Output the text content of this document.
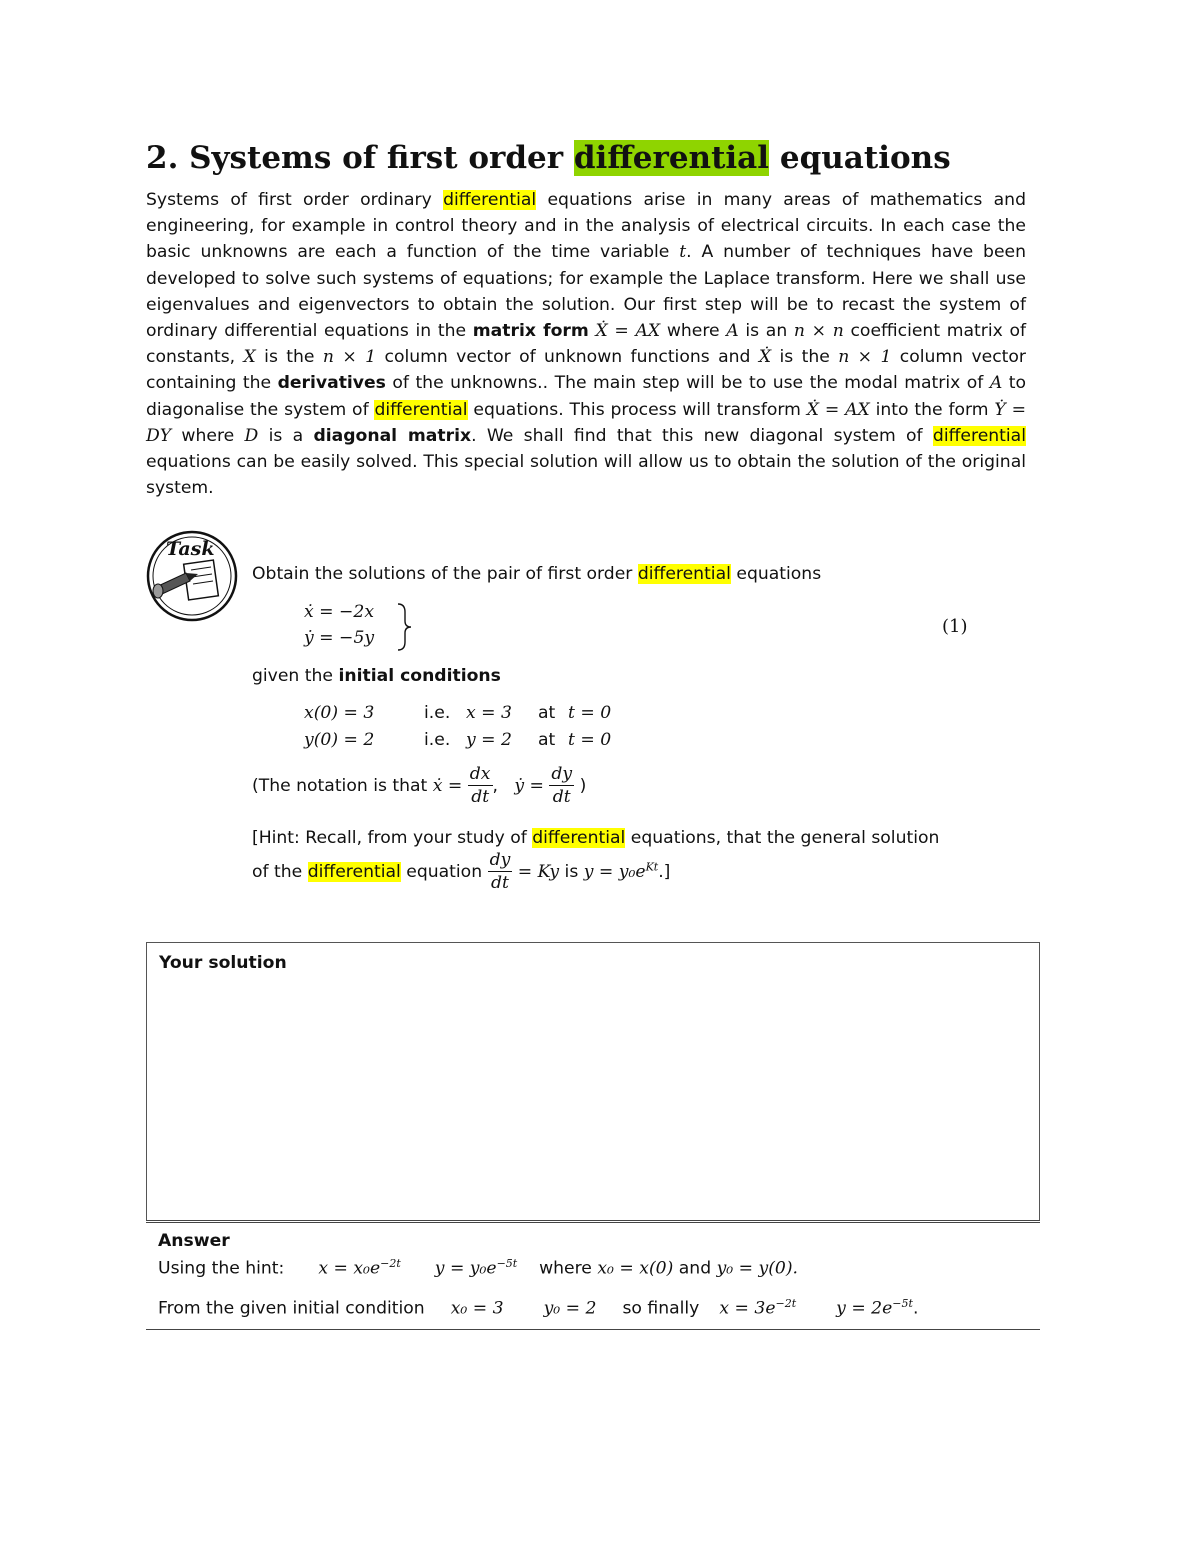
2. Systems of first order differential equations

Systems of first order ordinary differential equations arise in many areas of mathematics and engineering, for example in control theory and in the analysis of electrical circuits. In each case the basic unknowns are each a function of the time variable t. A number of techniques have been developed to solve such systems of equations; for example the Laplace transform. Here we shall use eigenvalues and eigenvectors to obtain the solution. Our first step will be to recast the system of ordinary differential equations in the matrix form Ẋ = AX where A is an n × n coefficient matrix of constants, X is the n × 1 column vector of unknown functions and Ẋ is the n × 1 column vector containing the derivatives of the unknowns.. The main step will be to use the modal matrix of A to diagonalise the system of differential equations. This process will transform Ẋ = AX into the form Ẏ = DY where D is a diagonal matrix. We shall find that this new diagonal system of differential equations can be easily solved. This special solution will allow us to obtain the solution of the original system.

Task
Obtain the solutions of the pair of first order differential equations
ẋ = −2x
ẏ = −5y
(1)
given the initial conditions
x(0) = 3	i.e. x = 3 at t = 0
y(0) = 2	i.e. y = 2 at t = 0
(The notation is that ẋ = $\frac{dx}{dt}$ , ẏ = $\frac{dy}{dt}$ )
[Hint: Recall, from your study of differential equations, that the general solution
of the differential equation $\frac{dy}{dt} = Ky$ is $y = y_0e^{Kt}$.]

Your solution

Answer
Using the hint: $x = x_0e^{-2t}$ $y = y_0e^{-5t}$ where x₀ = x(0) and y₀ = y(0).
From the given initial condition x₀ = 3 y₀ = 2 so finally $x = 3e^{-2t}$ $y = 2e^{-5t}$.
